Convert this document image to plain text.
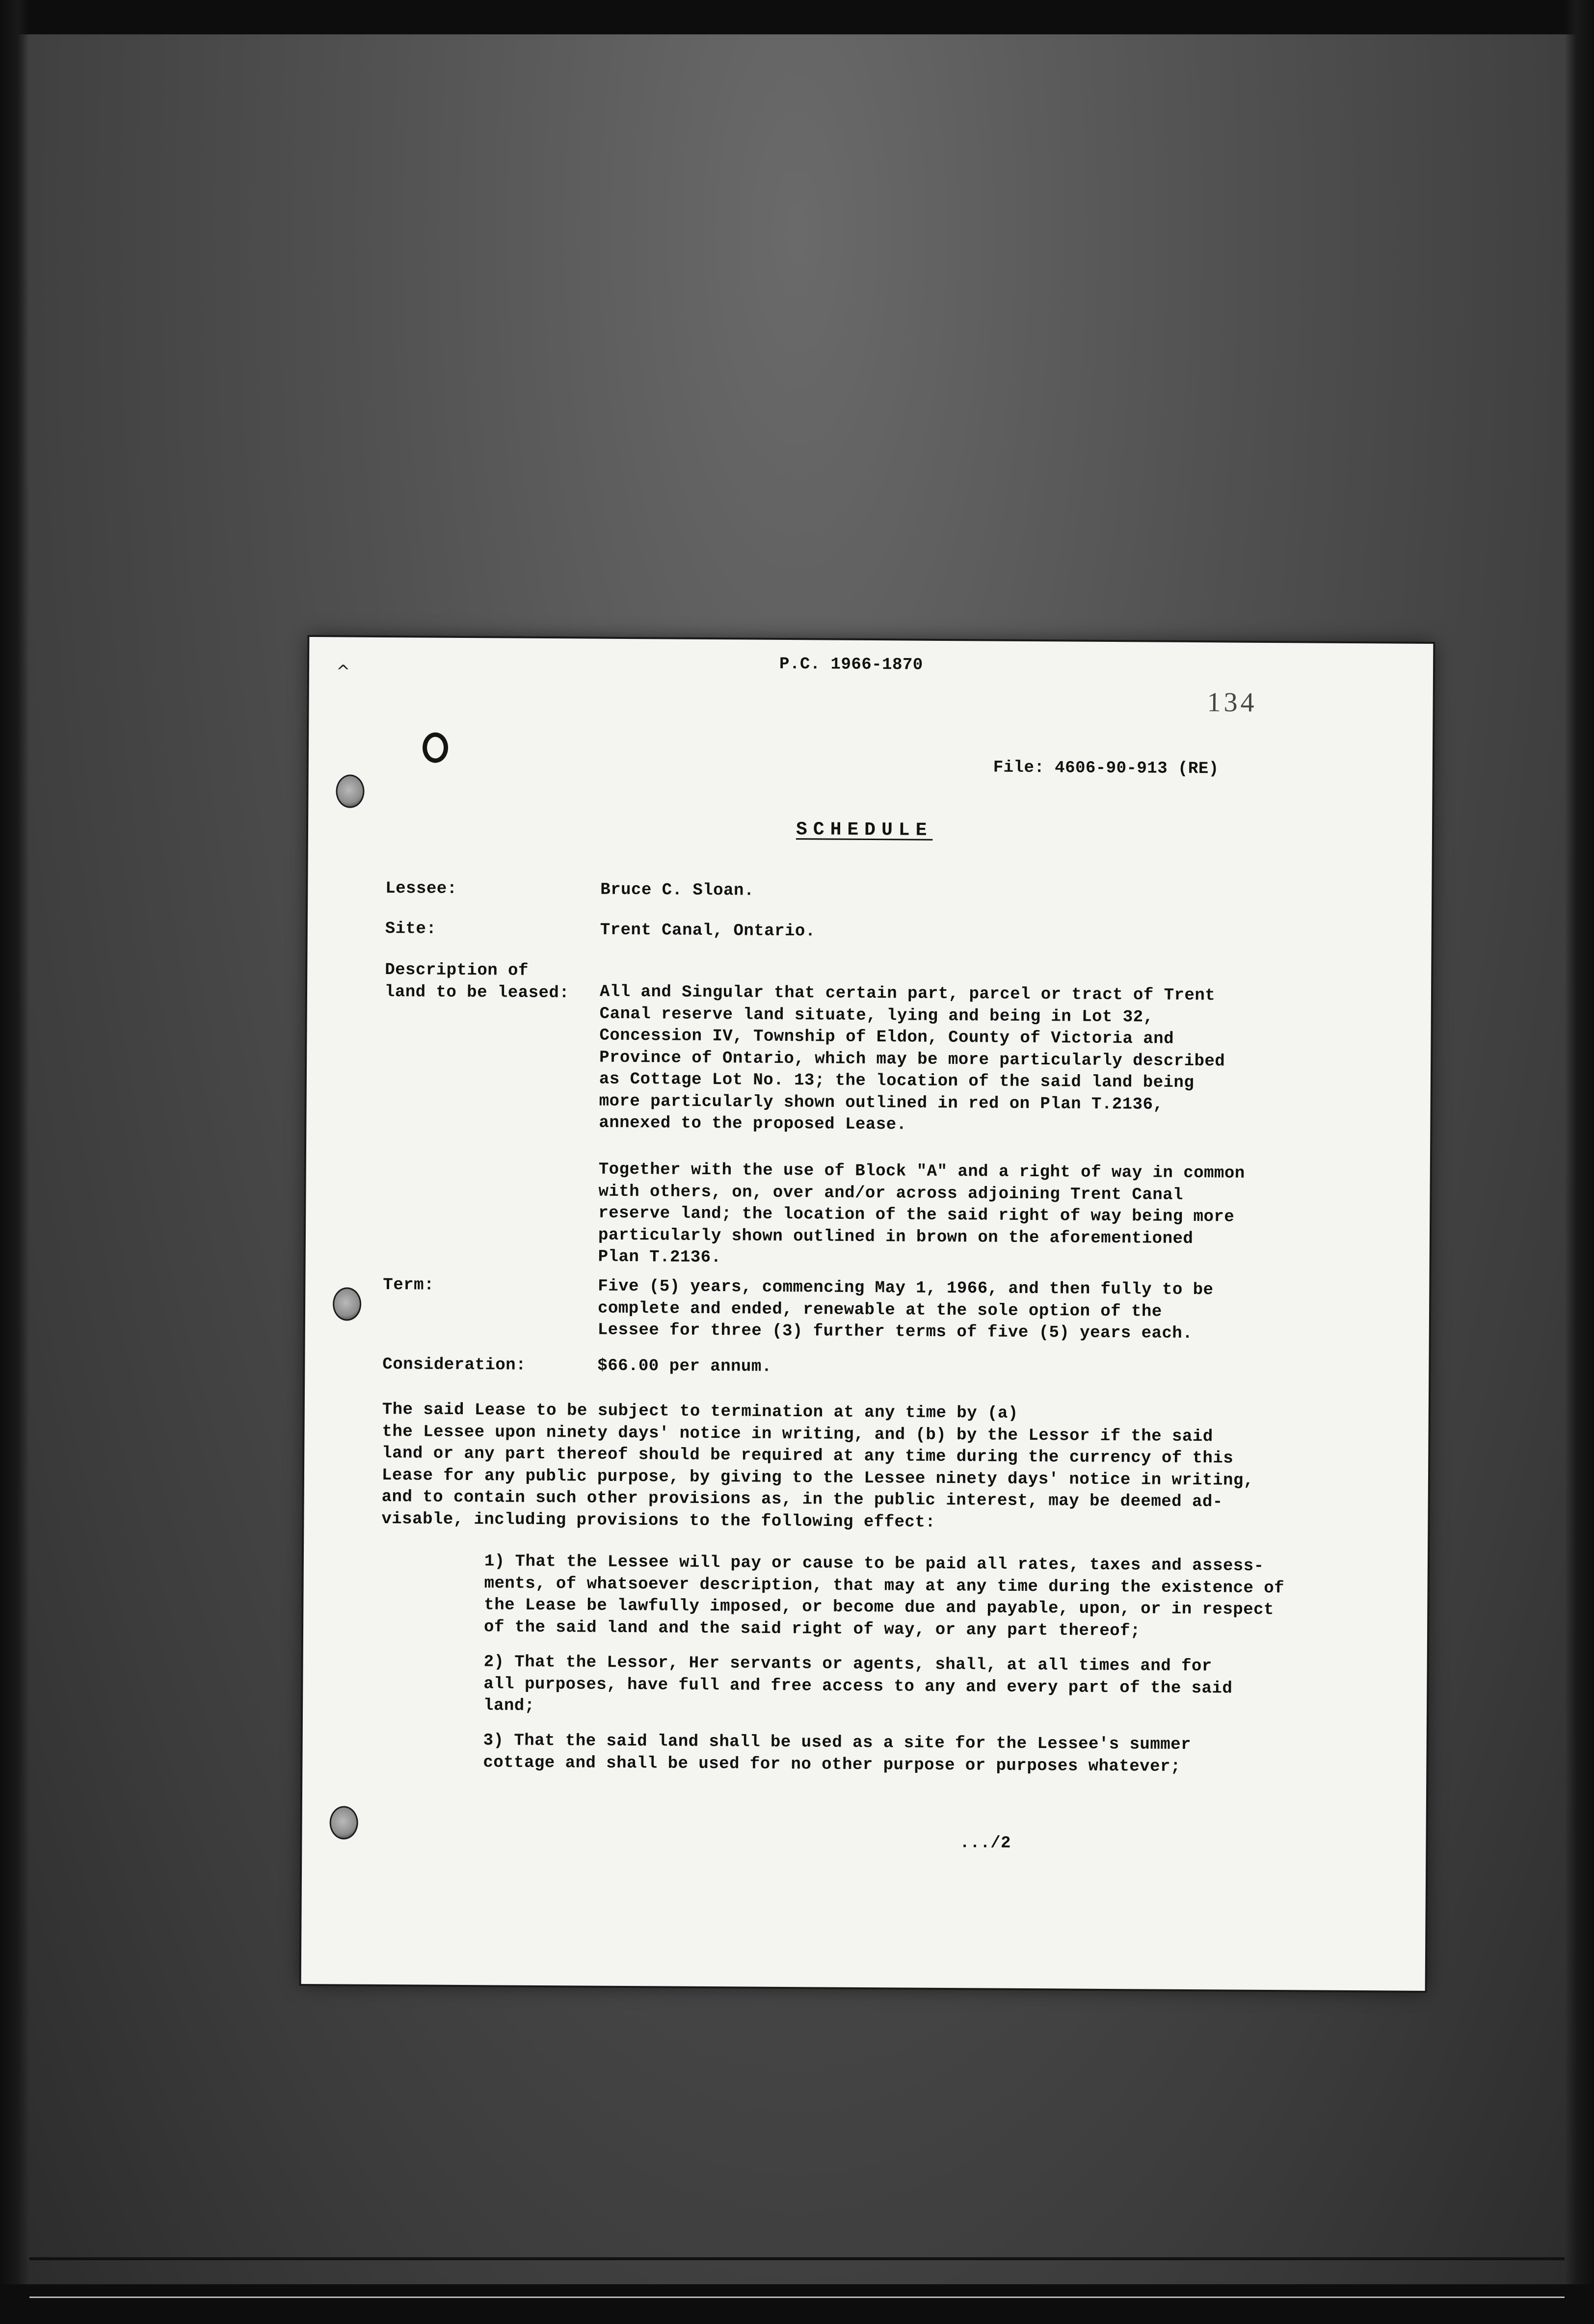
^	P.C. 1966-1870
134
File: 4606-90-913 (RE)
SCHEDULE
Lessee:	Bruce C. Sloan.
Site:	Trent Canal, Ontario.
Description of
land to be leased: All and Singular that certain part, parcel or tract of Trent
Canal reserve land situate, lying and being in Lot 32,
Concession IV, Township of Eldon, County of Victoria and
Province of Ontario, which may be more particularly described
as Cottage Lot No. 13; the location of the said land being
more particularly shown outlined in red on Plan T.2136,
annexed to the proposed Lease.
Together with the use of Block "A" and a right of way in common
with others, on, over and/or across adjoining Trent Canal
reserve land; the location of the said right of way being more
particularly shown outlined in brown on the aforementioned
Plan T.2136.
Term:	Five (5) years, commencing May 1, 1966, and then fully to be
complete and ended, renewable at the sole option of the
Lessee for three (3) further terms of five (5) years each.
Consideration:	$66.00 per annum.
The said Lease to be subject to termination at any time by (a)
the Lessee upon ninety days' notice in writing, and (b) by the Lessor if the said
land or any part thereof should be required at any time during the currency of this
Lease for any public purpose, by giving to the Lessee ninety days' notice in writing,
and to contain such other provisions as, in the public interest, may be deemed ad-
visable, including provisions to the following effect:
1) That the Lessee will pay or cause to be paid all rates, taxes and assess-
ments, of whatsoever description, that may at any time during the existence of
the Lease be lawfully imposed, or become due and payable, upon, or in respect
of the said land and the said right of way, or any part thereof;
2) That the Lessor, Her servants or agents, shall, at all times and for
all purposes, have full and free access to any and every part of the said
land;
3) That the said land shall be used as a site for the Lessee's summer
cottage and shall be used for no other purpose or purposes whatever;
.../2
